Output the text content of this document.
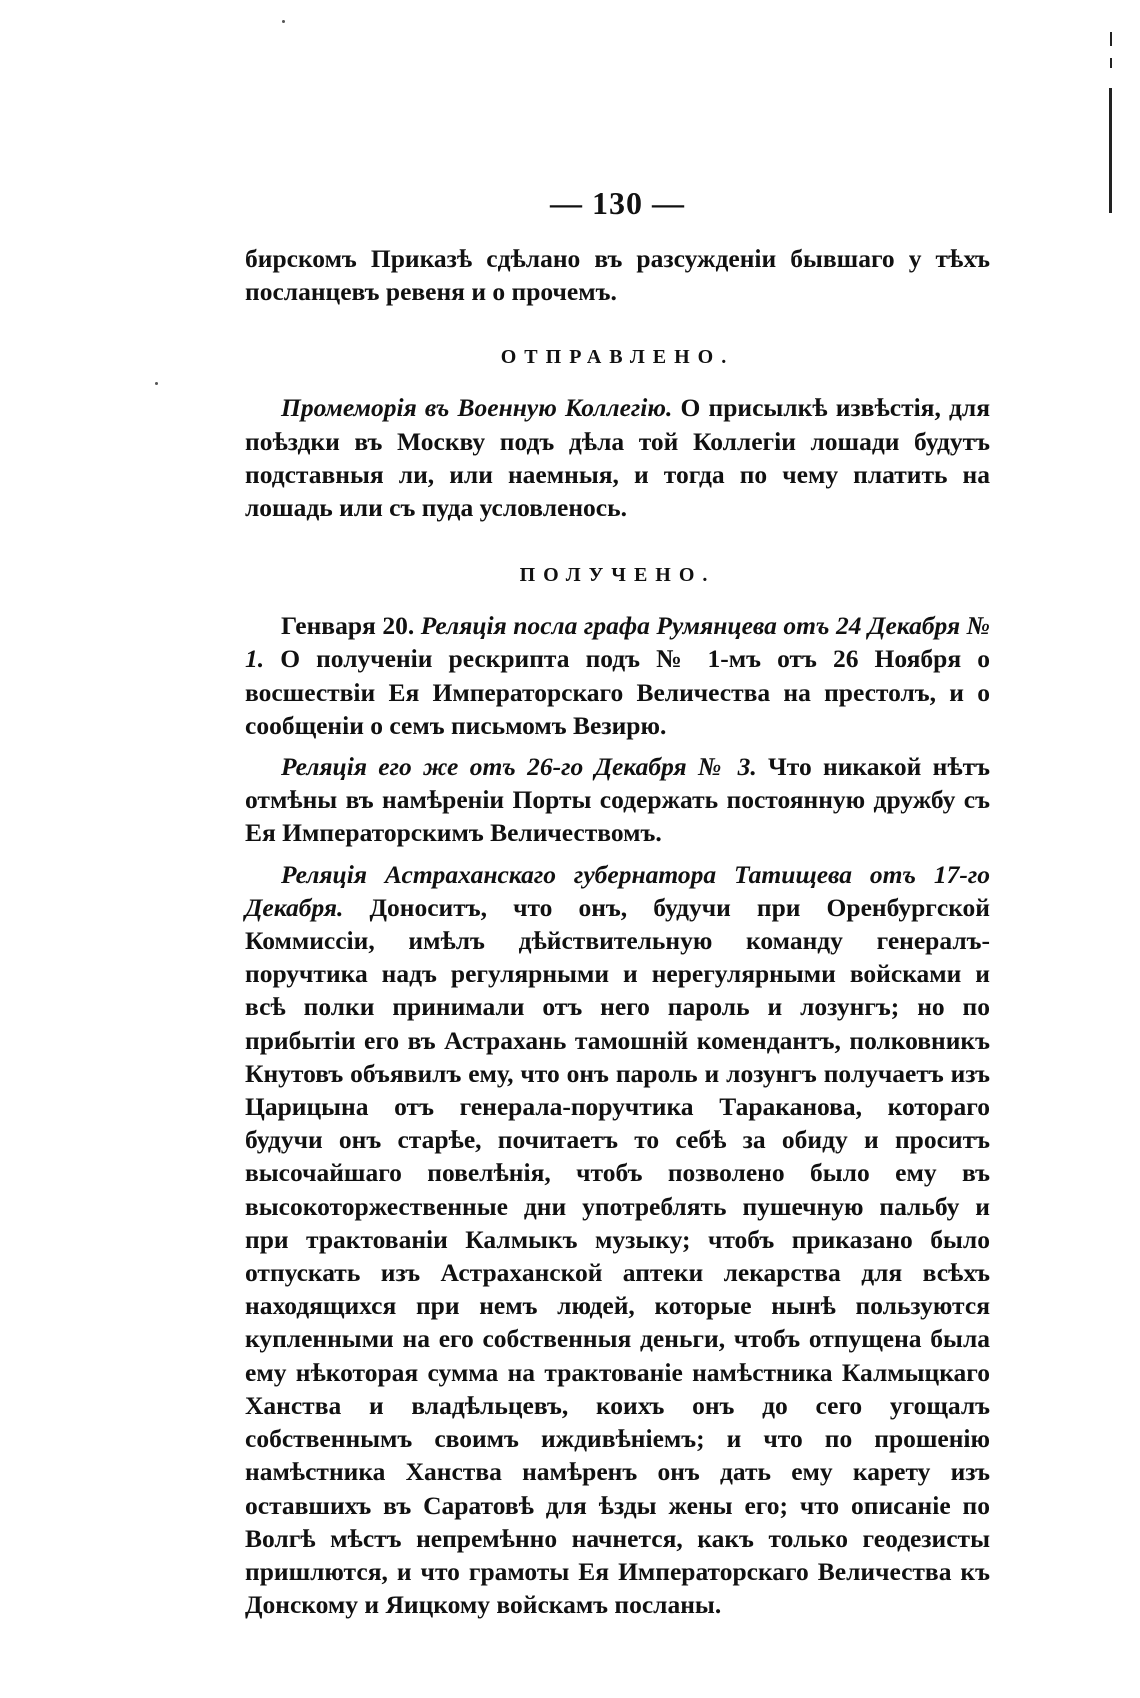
— 130 —

бирскомъ Приказѣ сдѣлано въ разсужденіи бывшаго у тѣхъ посланцевъ ревеня и о прочемъ.

ОТПРАВЛЕНО.

Промеморія въ Военную Коллегію. О присылкѣ извѣстія, для поѣздки въ Москву подъ дѣла той Коллегіи лошади будутъ подставныя ли, или наемныя, и тогда по чему платить на лошадь или съ пуда условленось.

ПОЛУЧЕНО.

Генваря 20. Реляція посла графа Румянцева отъ 24 Декабря № 1. О полученіи рескрипта подъ № 1-мъ отъ 26 Ноября о восшествіи Ея Императорскаго Величества на престолъ, и о сообщеніи о семъ письмомъ Везирю.

Реляція его же отъ 26-го Декабря № 3. Что никакой нѣтъ отмѣны въ намѣреніи Порты содержать постоянную дружбу съ Ея Императорскимъ Величествомъ.

Реляція Астраханскаго губернатора Татищева отъ 17-го Декабря. Доноситъ, что онъ, будучи при Оренбургской Коммиссіи, имѣлъ дѣйствительную команду генералъ-поручтика надъ регулярными и нерегулярными войсками и всѣ полки принимали отъ него пароль и лозунгъ; но по прибытіи его въ Астрахань тамошній комендантъ, полковникъ Кнутовъ объявилъ ему, что онъ пароль и лозунгъ получаетъ изъ Царицына отъ генерала-поручтика Тараканова, котораго будучи онъ старѣе, почитаетъ то себѣ за обиду и проситъ высочайшаго повелѣнія, чтобъ позволено было ему въ высокоторжественные дни употреблять пушечную пальбу и при трактованіи Калмыкъ музыку; чтобъ приказано было отпускать изъ Астраханской аптеки лекарства для всѣхъ находящихся при немъ людей, которые нынѣ пользуются купленными на его собственныя деньги, чтобъ отпущена была ему нѣкоторая сумма на трактованіе намѣстника Калмыцкаго Ханства и владѣльцевъ, коихъ онъ до сего угощалъ собственнымъ своимъ иждивѣніемъ; и что по прошенію намѣстника Ханства намѣренъ онъ дать ему карету изъ оставшихъ въ Саратовѣ для ѣзды жены его; что описаніе по Волгѣ мѣстъ непремѣнно начнется, какъ только геодезисты пришлются, и что грамоты Ея Императорскаго Величества къ Донскому и Яицкому войскамъ посланы.
